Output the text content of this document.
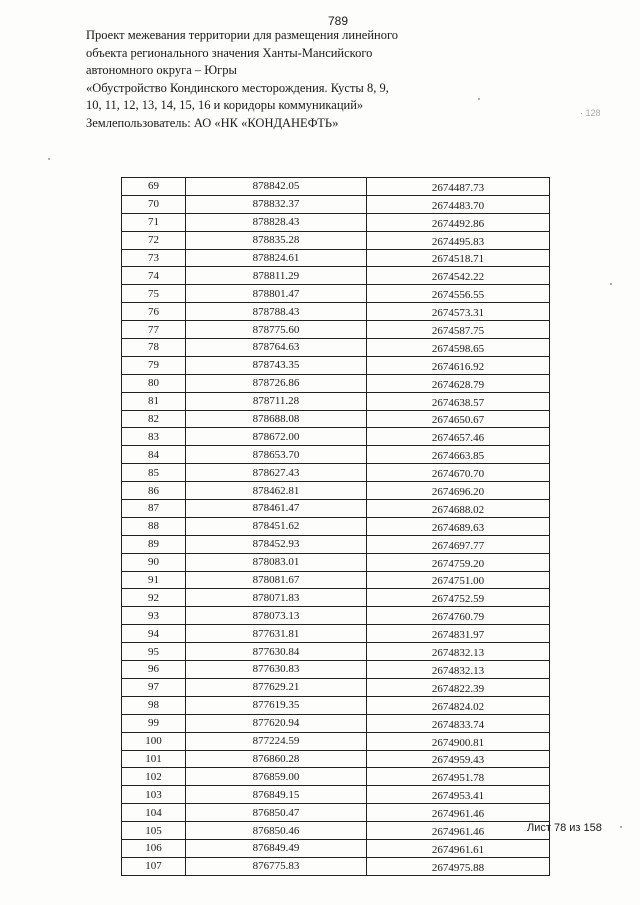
789
Проект межевания территории для размещения линейного
объекта регионального значения Ханты-Мансийского
автономного округа – Югры
«Обустройство Кондинского месторождения. Кусты 8, 9,
10, 11, 12, 13, 14, 15, 16 и коридоры коммуникаций»
Землепользователь: АО «НК «КОНДАНЕФТЬ»
· 128
69	878842.05	2674487.73
70	878832.37	2674483.70
71	878828.43	2674492.86
72	878835.28	2674495.83
73	878824.61	2674518.71
74	878811.29	2674542.22
75	878801.47	2674556.55
76	878788.43	2674573.31
77	878775.60	2674587.75
78	878764.63	2674598.65
79	878743.35	2674616.92
80	878726.86	2674628.79
81	878711.28	2674638.57
82	878688.08	2674650.67
83	878672.00	2674657.46
84	878653.70	2674663.85
85	878627.43	2674670.70
86	878462.81	2674696.20
87	878461.47	2674688.02
88	878451.62	2674689.63
89	878452.93	2674697.77
90	878083.01	2674759.20
91	878081.67	2674751.00
92	878071.83	2674752.59
93	878073.13	2674760.79
94	877631.81	2674831.97
95	877630.84	2674832.13
96	877630.83	2674832.13
97	877629.21	2674822.39
98	877619.35	2674824.02
99	877620.94	2674833.74
100	877224.59	2674900.81
101	876860.28	2674959.43
102	876859.00	2674951.78
103	876849.15	2674953.41
104	876850.47	2674961.46
105	876850.46	2674961.46
106	876849.49	2674961.61
107	876775.83	2674975.88
Лист 78 из 158
